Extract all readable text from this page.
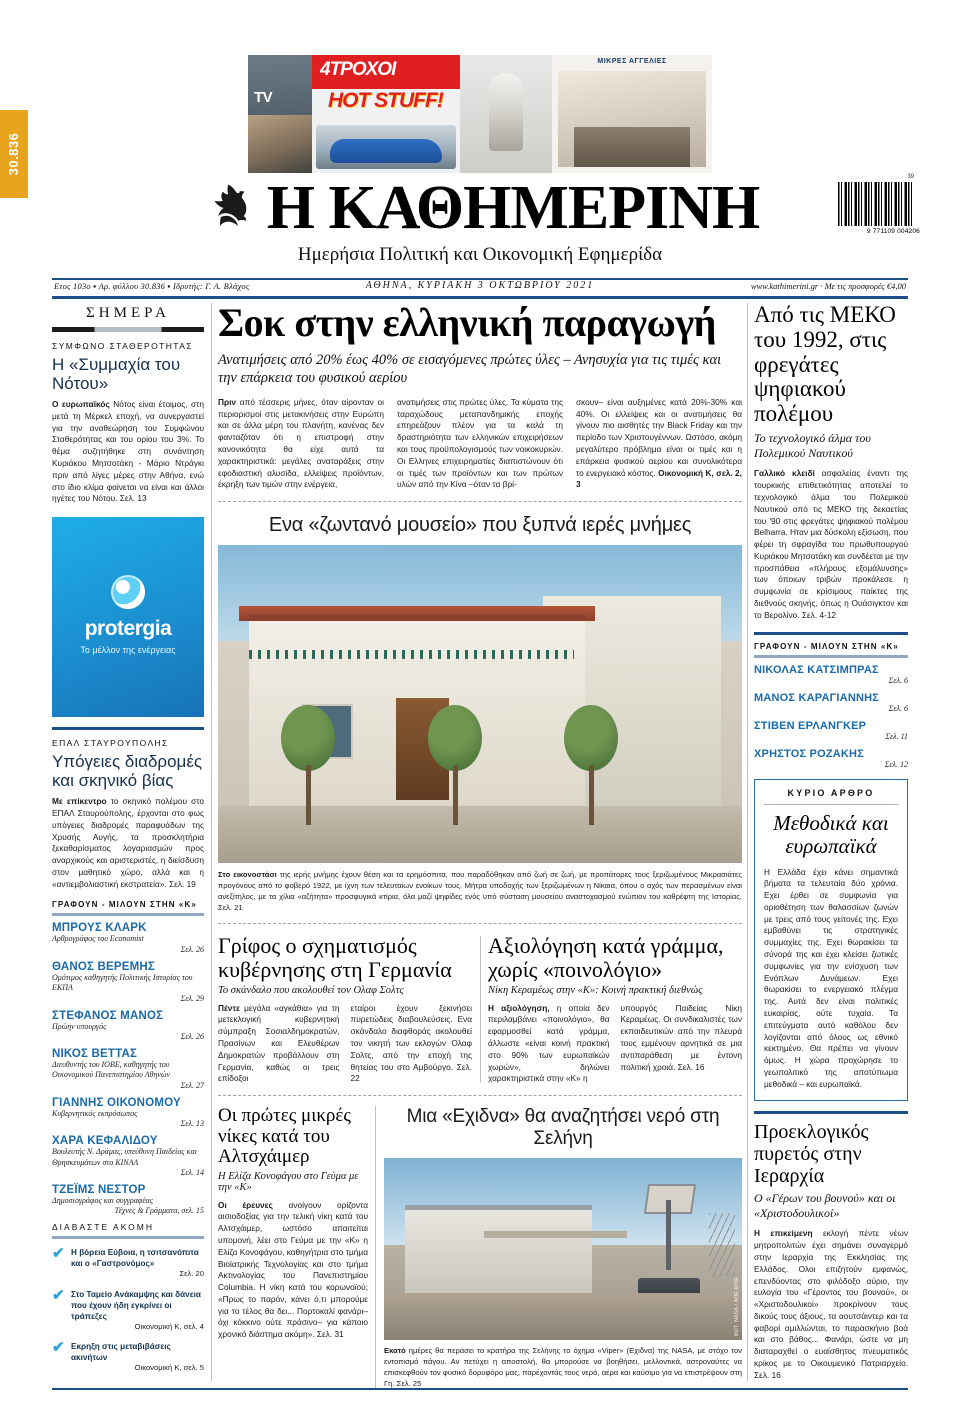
30.836
TV
4ΤΡΟΧΟΙ
HOT STUFF!
ΜΙΚΡΕΣ ΑΓΓΕΛΙΕΣ
Η ΚΑΘΗΜΕΡΙΝΗ	39
9 771109 004206
Ημερήσια Πολιτική και Οικονομική Εφημερίδα
Ετος 103ο ▪ Αρ. φύλλου 30.836 ▪ Ιδρυτής: Γ. Α. Βλάχος	ΑΘΗΝΑ, ΚΥΡΙΑΚΗ 3 ΟΚΤΩΒΡΙΟΥ 2021	www.kathimerini.gr · Με τις προσφορές €4,00
ΣΗΜΕΡΑ
ΣΥΜΦΩΝΟ ΣΤΑΘΕΡΟΤΗΤΑΣ
Η «Συμμαχία του Νότου»
Ο ευρωπαϊκός Νότος είναι έτοιμος, στη μετά τη Μέρκελ εποχή, να συνεργαστεί για την αναθεώρηση του Συμφώνου Σταθερότητας και του ορίου του 3%. Το θέμα συζητήθηκε στη συνάντηση Κυριάκου Μητσοτάκη - Μάριο Ντράγκι πριν από λίγες μέρες στην Αθήνα, ενώ στο ίδιο κλίμα φαίνεται να είναι και άλλοι ηγέτες του Νότου. Σελ. 13
protergia
Το μέλλον της ενέργειας
ΕΠΑΛ ΣΤΑΥΡΟΥΠΟΛΗΣ
Υπόγειες διαδρομές και σκηνικό βίας
Με επίκεντρο το σκηνικό πολέμου στο ΕΠΑΛ Σταυρούπολης, έρχονται στο φως υπόγειες διαδρομές παραφυάδων της Χρυσής Αυγής, τα προσκλητήρια ξεκαθαρίσματος λογαριασμών προς αναρχικούς και αριστεριστές, η διείσδυση στον μαθητικό χώρο, αλλά και η «αντιεμβολιαστική εκστρατεία». Σελ. 19
ΓΡΑΦΟΥΝ - ΜΙΛΟΥΝ ΣΤΗΝ «Κ»
ΜΠΡΟΥΣ ΚΛΑΡΚ
Αρθρογράφος του Economist
Σελ. 26
ΘΑΝΟΣ ΒΕΡΕΜΗΣ
Ομότιμος καθηγητής Πολιτικής Ιστορίας του ΕΚΠΑ
Σελ. 29
ΣΤΕΦΑΝΟΣ ΜΑΝΟΣ
Πρώην υπουργός
Σελ. 26
ΝΙΚΟΣ ΒΕΤΤΑΣ
Διευθυντής του ΙΟΒΕ, καθηγητής του Οικονομικού Πανεπιστημίου Αθηνών
Σελ. 27
ΓΙΑΝΝΗΣ ΟΙΚΟΝΟΜΟΥ
Κυβερνητικός εκπρόσωπος
Σελ. 13
ΧΑΡΑ ΚΕΦΑΛΙΔΟΥ
Βουλευτής Ν. Δράμας, υπεύθυνη Παιδείας και Θρησκευμάτων στο ΚΙΝΑΛ
Σελ. 14
ΤΖΕΪΜΣ ΝΕΣΤΟΡ
Δημοσιογράφος και συγγραφέας
Τέχνες & Γράμματα, σελ. 15
ΔΙΑΒΑΣΤΕ ΑΚΟΜΗ
✔ Η βόρεια Εύβοια, η τσιτσανόπιτα και ο «Γαστρονόμος»
Σελ. 20
✔ Στο Ταμείο Ανάκαμψης και δάνεια που έχουν ήδη εγκρίνει οι τράπεζες
Οικονομική Κ, σελ. 4
✔ Εκρηξη στις μεταβιβάσεις ακινήτων
Οικονομική Κ, σελ. 5
Σοκ στην ελληνική παραγωγή
Ανατιμήσεις από 20% έως 40% σε εισαγόμενες πρώτες ύλες – Ανησυχία για τις τιμές και την επάρκεια του φυσικού αερίου
Πριν από τέσσερις μήνες, όταν αίρονταν οι περιορισμοί στις μετακινήσεις στην Ευρώπη και σε άλλα μέρη του πλανήτη, κανένας δεν φανταζόταν ότι η επιστροφή στην κανονικότητα θα είχε αυτά τα χαρακτηριστικά: μεγάλες αναταράξεις στην εφοδιαστική αλυσίδα, ελλείψεις προϊόντων, έκρηξη των τιμών στην ενέργεια,
ανατιμήσεις στις πρώτες ύλες. Τα κύματα της ταραχώδους μεταπανδημικής εποχής επηρεάζουν πλέον για τα καλά τη δραστηριότητα των ελληνικών επιχειρήσεων και τους προϋπολογισμούς των νοικοκυριών. Οι Ελληνες επιχειρηματίες διαπιστώνουν ότι οι τιμές των προϊόντων και των πρώτων υλών από την Κίνα –όταν τα βρί-
σκουν– είναι αυξημένες κατά 20%-30% και 40%. Οι ελλείψεις και οι ανατιμήσεις θα γίνουν πιο αισθητές την Black Friday και την περίοδο των Χριστουγέννων. Ωστόσο, ακόμη μεγαλύτερο πρόβλημα είναι οι τιμές και η επάρκεια φυσικού αερίου και συνολικότερα το ενεργειακό κόστος. Οικονομική Κ, σελ. 2, 3
Ενα «ζωντανό μουσείο» που ξυπνά ιερές μνήμες
Στο εικονοστάσι της ιερής μνήμης έχουν θέση και τα ερημόσπιτα, που παραδόθηκαν από ζωή σε ζωή, με προπάτορες τους ξεριζωμένους Μικρασιάτες προγόνους από το φοβερό 1922, με ίχνη των τελευταίων ενοίκων τους. Μήτρα υποδοχής των ξεριζωμένων η Νίκαια, όπου ο αχός των περασμένων είναι ανεξίτηλος, με τα χίλια «αζήτητα» προσφυγικά κτίρια, όλα μαζί ψηφίδες ενός υπό σύσταση μουσείου αναστοχασμού ενώπιον του καθρέφτη της Ιστορίας. Σελ. 21
Γρίφος ο σχηματισμός κυβέρνησης στη Γερμανία
Το σκάνδαλο που ακολουθεί τον Ολαφ Σολτς
Πέντε μεγάλα «αγκάθια» για τη μετεκλογική κυβερνητική σύμπραξη Σοσιαλδημοκρατών, Πρασίνων και Ελευθέρων Δημοκρατών προβάλλουν στη Γερμανία, καθώς οι τρεις επίδοξοι
εταίροι έχουν ξεκινήσει πυρετώδεις διαβουλεύσεις. Ενα σκάνδαλο διαφθοράς ακολουθεί τον νικητή των εκλογών Ολαφ Σολτς, από την εποχή της θητείας του στο Αμβούργο. Σελ. 22
Αξιολόγηση κατά γράμμα, χωρίς «ποινολόγιο»
Νίκη Κεραμέως στην «Κ»: Κοινή πρακτική διεθνώς
Η αξιολόγηση, η οποία δεν περιλαμβάνει «ποινολόγιο», θα εφαρμοσθεί κατά γράμμα, άλλωστε «είναι κοινή πρακτική στο 90% των ευρωπαϊκών χωρών», δηλώνει χαρακτηριστικά στην «Κ» η
υπουργός Παιδείας Νίκη Κεραμέως. Οι συνδικαλιστές των εκπαιδευτικών από την πλευρά τους εμμένουν αρνητικά σε μια αντιπαράθεση με έντονη πολιτική χροιά. Σελ. 16
Οι πρώτες μικρές νίκες κατά του Αλτσχάιμερ
Η Ελίζα Κονοφάγου στο Γεύμα με την «Κ»
Οι έρευνες ανοίγουν ορίζοντα αισιοδοξίας για την τελική νίκη κατά του Αλτσχάιμερ, ωστόσο απαιτείται υπομονή, λέει στο Γεύμα με την «Κ» η Ελίζα Κονοφάγου, καθηγήτρια στο τμήμα Βιοϊατρικής Τεχνολογίας και στο τμήμα Ακτινολογίας του Πανεπιστημίου Columbia. Η νίκη κατά του κορωνοϊού; «Πρως το παρόν, κάνει ό,τι μπορούμε για το τέλος θα δει... Πορτοκαλί φανάρι–όχι κόκκινο ούτε πράσινο– για κάποιο χρονικό διάστημα ακόμη». Σελ. 31
Μια «Εχιδνα» θα αναζητήσει νερό στη Σελήνη
ΦΩΤ. NASA / ΑΠΕ-ΜΠΕ
Εκατό ημέρες θα περάσει το κρατήρα της Σελήνης το όχημα «Viper» (Εχιδνα) της NASA, με στόχο τον εντοπισμό πάγου. Αν πετύχει η αποστολή, θα μπορούσε να βοηθήσει, μελλοντικά, αστροναύτες να επισκεφθούν τον φυσικό δορυφόρο μας, παρέχοντάς τους νερό, αέρα και καύσιμο για να επιστρέψουν στη Γη. Σελ. 25
Από τις ΜΕΚΟ του 1992, στις φρεγάτες ψηφιακού πολέμου
Το τεχνολογικό άλμα του Πολεμικού Ναυτικού
Γαλλικό κλειδί ασφαλείας έναντι της τουρκικής επιθετικότητας αποτελεί το τεχνολογικό άλμα του Πολεμικού Ναυτικού από τις ΜΕΚΟ της δεκαετίας του '90 στις φρεγάτες ψηφιακού πολέμου Belharra. Ηταν μια δύσκολη εξίσωση, που φέρει τη σφραγίδα του πρωθυπουργού Κυριάκου Μητσοτάκη και συνδέεται με την προσπάθεια «πλήρους εξομάλυνσης» των όποιων τριβών προκάλεσε η συμφωνία σε κρίσιμους παίκτες της διεθνούς σκηνής, όπως η Ουάσιγκτον και το Βερολίνο. Σελ. 4-12
ΓΡΑΦΟΥΝ - ΜΙΛΟΥΝ ΣΤΗΝ «Κ»
ΝΙΚΟΛΑΣ ΚΑΤΣΙΜΠΡΑΣ
Σελ. 6
ΜΑΝΟΣ ΚΑΡΑΓΙΑΝΝΗΣ
Σελ. 6
ΣΤΙΒΕΝ ΕΡΛΑΝΓΚΕΡ
Σελ. 11
ΧΡΗΣΤΟΣ ΡΟΖΑΚΗΣ
Σελ. 12
ΚΥΡΙΟ ΑΡΘΡΟ
Μεθοδικά και ευρωπαϊκά
Η Ελλάδα έχει κάνει σημαντικά βήματα τα τελευταία δύο χρόνια. Εχει έρθει σε συμφωνία για οριοθέτηση των θαλασσίων ζωνών με τρεις από τους γείτονές της. Εχει εμβαθύνει τις στρατηγικές συμμαχίες της. Εχει θωρακίσει τα σύνορά της και έχει κλείσει ζωτικές συμφωνίες για την ενίσχυση των Ενόπλων Δυνάμεων. Εχει θωρακίσει το ενεργειακό πλέγμα της. Αυτά δεν είναι πολιτικές ευκαιρίας, ούτε τυχαία. Τα επιτεύγματα αυτό καθόλου δεν λογίζονται από όλους ως εθνικό κεκτημένο. Θα πρέπει να γίνουν όμως. Η χώρα προχώρησε το γεωπολιτικό της αποτύπωμα μεθοδικά – και ευρωπαϊκά.
Προεκλογικός πυρετός στην Ιεραρχία
Ο «Γέρων του βουνού» και οι «Χριστοδουλικοί»
Η επικείμενη εκλογή πέντε νέων μητροπολιτών έχει σημάνει συναγερμό στην Ιεραρχία της Εκκλησίας της Ελλάδος. Ολοι επιζητούν εμφανώς, επενδύοντας στο φιλόδοξο αύριο, την ευλογία του «Γέροντος του βουνού», οι «Χριστοδουλικοί» προκρίνουν τους δικούς τους άξιους, τα αουτσάιντερ και τα φαβορί αμιλλώνται, το παρασκήνιο βοά και στο βάθος... Φανάρι, ώστε να μη διαταραχθεί ο ευαίσθητος πνευματικός κρίκος με το Οικουμενικό Πατριαρχείο. Σελ. 16
